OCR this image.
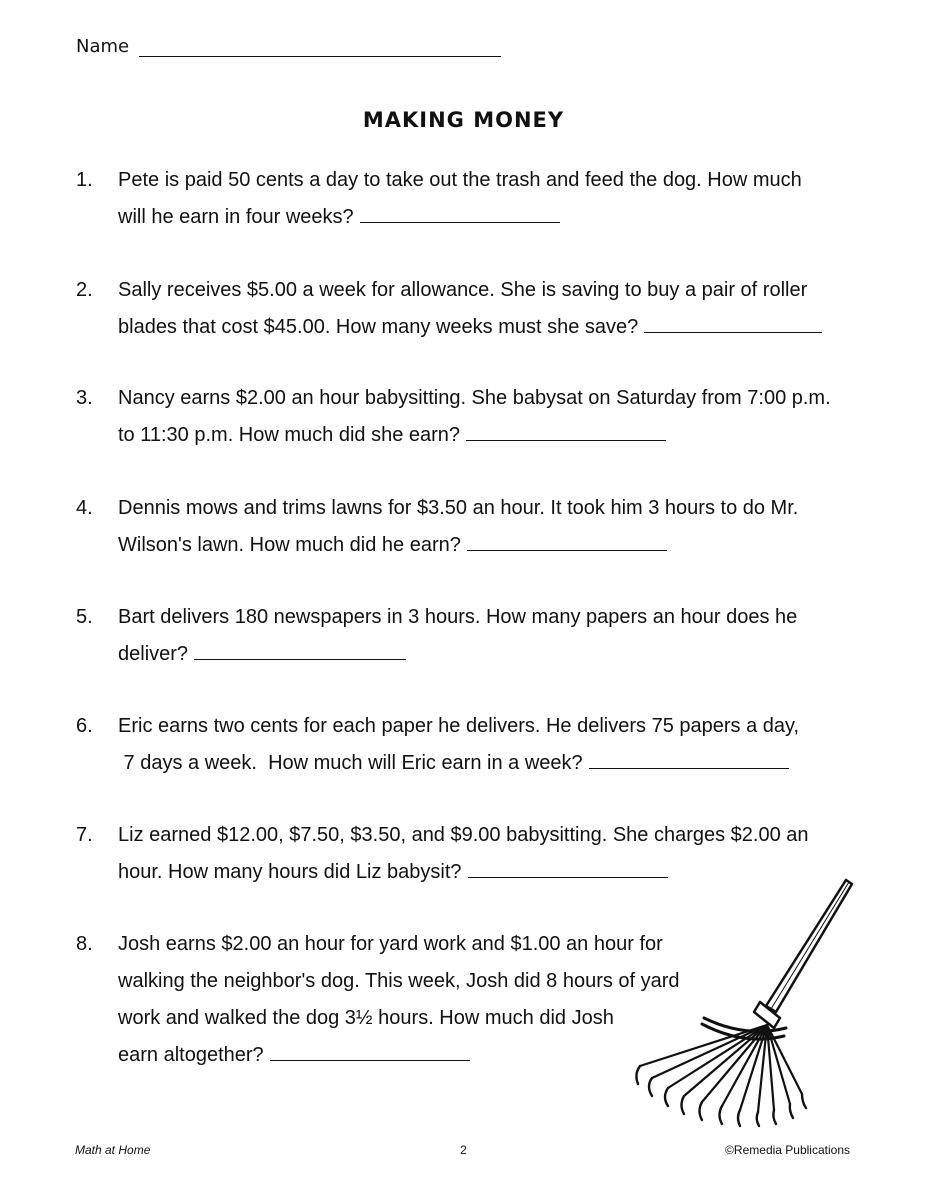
Name
MAKING MONEY
1.	Pete is paid 50 cents a day to take out the trash and feed the dog. How much
will he earn in four weeks?
2.	Sally receives $5.00 a week for allowance. She is saving to buy a pair of roller
blades that cost $45.00. How many weeks must she save?
3.	Nancy earns $2.00 an hour babysitting. She babysat on Saturday from 7:00 p.m.
to 11:30 p.m. How much did she earn?
4.	Dennis mows and trims lawns for $3.50 an hour. It took him 3 hours to do Mr.
Wilson's lawn. How much did he earn?
5.	Bart delivers 180 newspapers in 3 hours. How many papers an hour does he
deliver?
6.	Eric earns two cents for each paper he delivers. He delivers 75 papers a day,
7 days a week.  How much will Eric earn in a week?
7.	Liz earned $12.00, $7.50, $3.50, and $9.00 babysitting. She charges $2.00 an
hour. How many hours did Liz babysit?
8.	Josh earns $2.00 an hour for yard work and $1.00 an hour for
walking the neighbor's dog. This week, Josh did 8 hours of yard
work and walked the dog 3½ hours. How much did Josh
earn altogether?
Math at Home	2	©Remedia Publications
